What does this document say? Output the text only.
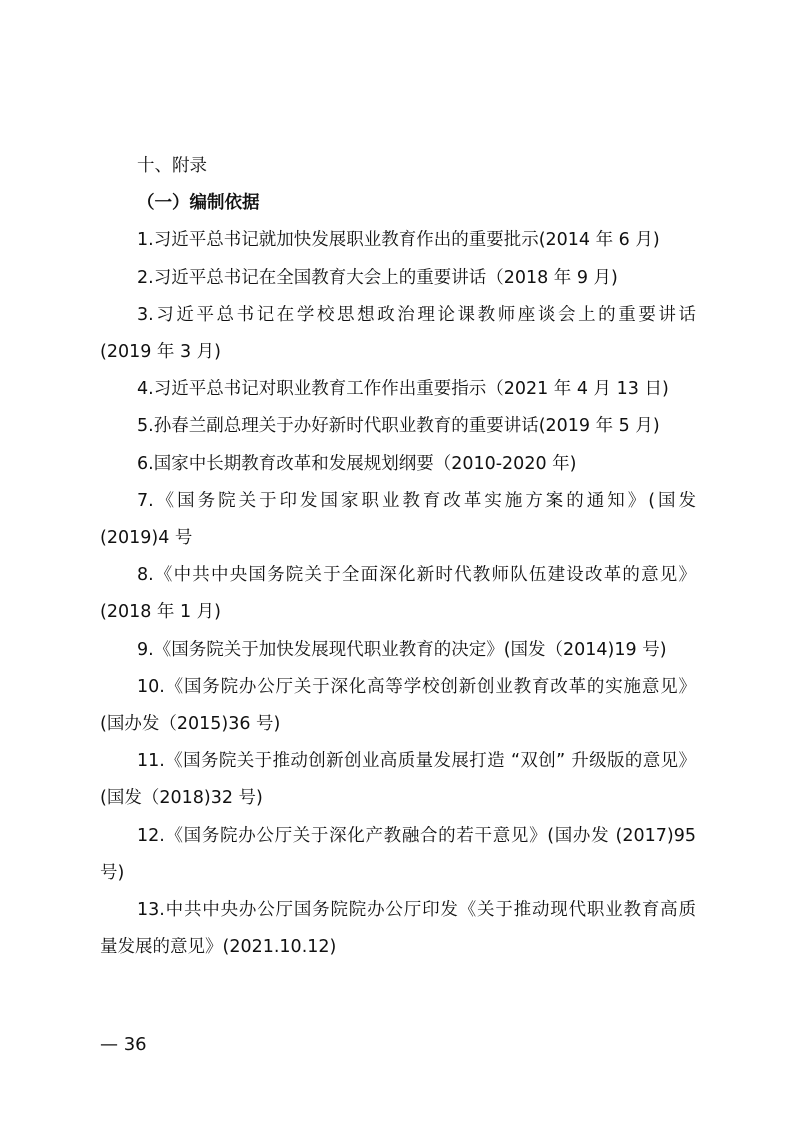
十、附录
（一）编制依据
1.习近平总书记就加快发展职业教育作出的重要批示(2014 年 6 月)
2.习近平总书记在全国教育大会上的重要讲话（2018 年 9 月)
3.习近平总书记在学校思想政治理论课教师座谈会上的重要讲话
(2019 年 3 月)
4.习近平总书记对职业教育工作作出重要指示（2021 年 4 月 13 日)
5.孙春兰副总理关于办好新时代职业教育的重要讲话(2019 年 5 月)
6.国家中长期教育改革和发展规划纲要（2010-2020 年)
7.《国务院关于印发国家职业教育改革实施方案的通知》(国发
(2019)4 号
8.《中共中央国务院关于全面深化新时代教师队伍建设改革的意见》
(2018 年 1 月)
9.《国务院关于加快发展现代职业教育的决定》(国发（2014)19 号)
10.《国务院办公厅关于深化高等学校创新创业教育改革的实施意见》
(国办发（2015)36 号)
11.《国务院关于推动创新创业高质量发展打造 “双创” 升级版的意见》
(国发（2018)32 号)
12.《国务院办公厅关于深化产教融合的若干意见》(国办发 (2017)95
号)
13.中共中央办公厅国务院院办公厅印发《关于推动现代职业教育高质
量发展的意见》(2021.10.12)
— 36
